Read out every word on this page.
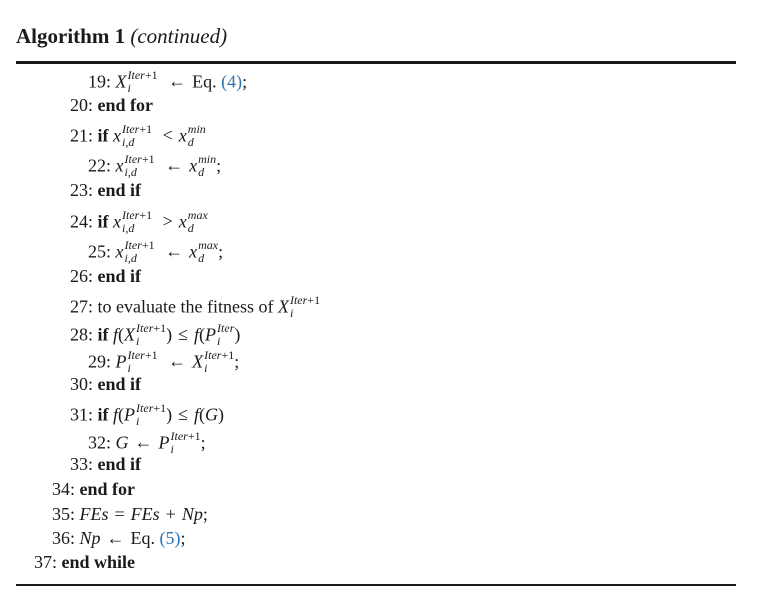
Algorithm 1 (continued)
19: X Iter+1
i	← Eq. (4);
20: end for
21: if x Iter+1
i,d	< x min
d
22: x Iter+1
i,d	← x min
d ;
23: end if
24: if x Iter+1
i,d	> x max
d
25: x Iter+1
i,d	← x max
d ;
26: end if
27: to evaluate the fitness of X Iter+1
i
28: if f(X Iter+1
i	) ≤ f(P Iter
i )
29: P Iter+1
i	← X Iter+1
i	;
30: end if
31: if f(P Iter+1
i	) ≤ f(G)
32: G ← P Iter+1
i	;
33: end if
34: end for
35: FEs = FEs + Np;
36: Np ← Eq. (5);
37: end while
